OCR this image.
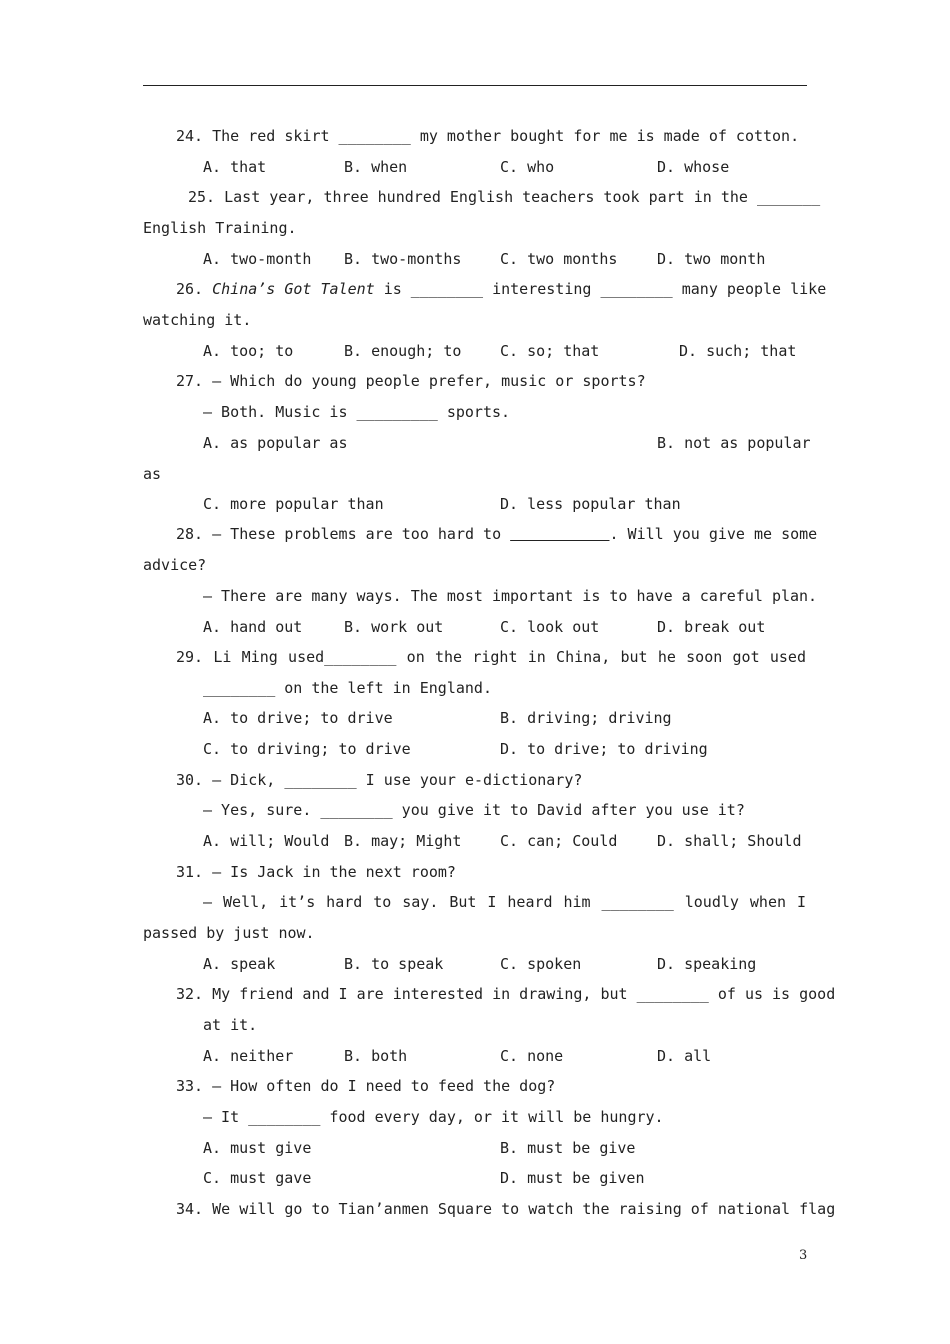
24. The red skirt ________ my mother bought for me is made of cotton.
A. that	B. when	C. who	D. whose
25. Last year, three hundred English teachers took part in the _______
English Training.
A. two-month B. two-months	C. two months	D. two month
26.
China’s Got Talent is ________ interesting ________ many people like
watching it.
A. too; to	B. enough; to	C. so; that	D. such; that
27. — Which do young people prefer, music or sports?
— Both. Music is _________ sports.
A. as popular as	B. not as popular
as
C. more popular than	D. less popular than
28. — These problems are too hard to
	. Will you give me some
advice?
— There are many ways. The most important is to have a careful plan.
A. hand out	B. work out	C. look out	D. break out
29. Li Ming used________ on the right in China, but he soon got used
________ on the left in England.
A. to drive; to drive	B. driving; driving
C. to driving; to drive	D. to drive; to driving
30. — Dick, ________ I use your e-dictionary?
— Yes, sure. ________ you give it to David after you use it?
A. will; Would B. may; Might	C. can; Could	D. shall; Should
31. — Is Jack in the next room?
— Well, it’s hard to say. But I heard him ________ loudly when I
passed by just now.
A. speak	B. to speak	C. spoken	D. speaking
32. My friend and I are interested in drawing, but ________ of us is good
at it.
A. neither	B. both	C. none	D. all
33. — How often do I need to feed the dog?
— It ________ food every day, or it will be hungry.
A. must give	B. must be give
C. must gave	D. must be given
34. We will go to Tian’anmen Square to watch the raising of national flag
3
